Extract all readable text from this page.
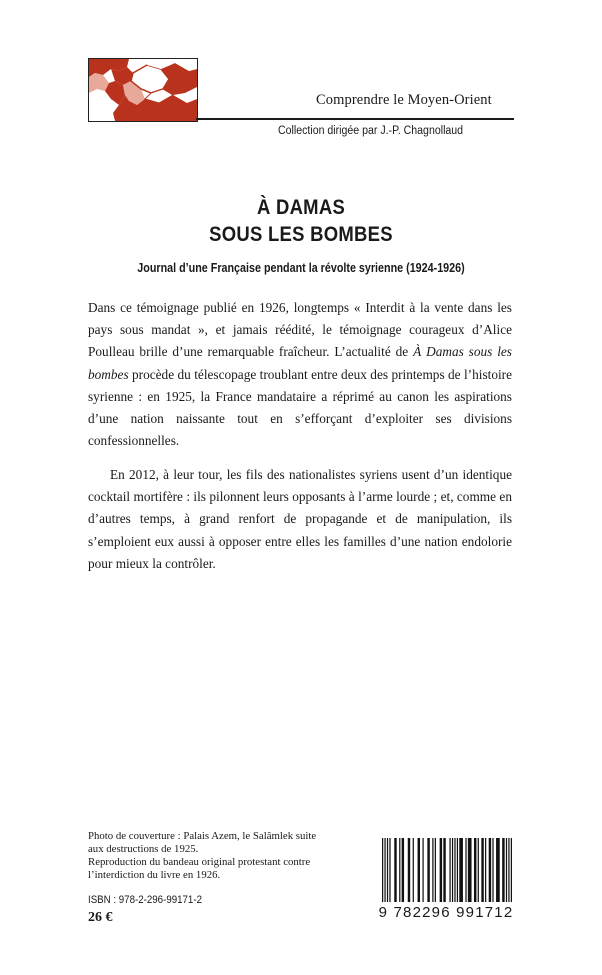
Comprendre le Moyen-Orient
Collection dirigée par J.-P. Chagnollaud
À DAMAS
SOUS LES BOMBES
Journal d’une Française pendant la révolte syrienne (1924-1926)
Dans ce témoignage publié en 1926, longtemps « Interdit à la vente dans les pays sous mandat », et jamais réédité, le témoignage courageux d’Alice Poulleau brille d’une remarquable fraîcheur. L’actualité de À Damas sous les bombes procède du télescopage troublant entre deux des printemps de l’histoire syrienne : en 1925, la France mandataire a réprimé au canon les aspirations d’une nation naissante tout en s’efforçant d’exploiter ses divisions confessionnelles.
En 2012, à leur tour, les fils des nationalistes syriens usent d’un identique cocktail mortifère : ils pilonnent leurs opposants à l’arme lourde ; et, comme en d’autres temps, à grand renfort de propagande et de manipulation, ils s’emploient eux aussi à opposer entre elles les familles d’une nation endolorie pour mieux la contrôler.
Photo de couverture : Palais Azem, le Salâmlek suite
aux destructions de 1925.
Reproduction du bandeau original protestant contre
l’interdiction du livre en 1926.
ISBN : 978-2-296-99171-2
26 €	9 782296 991712
